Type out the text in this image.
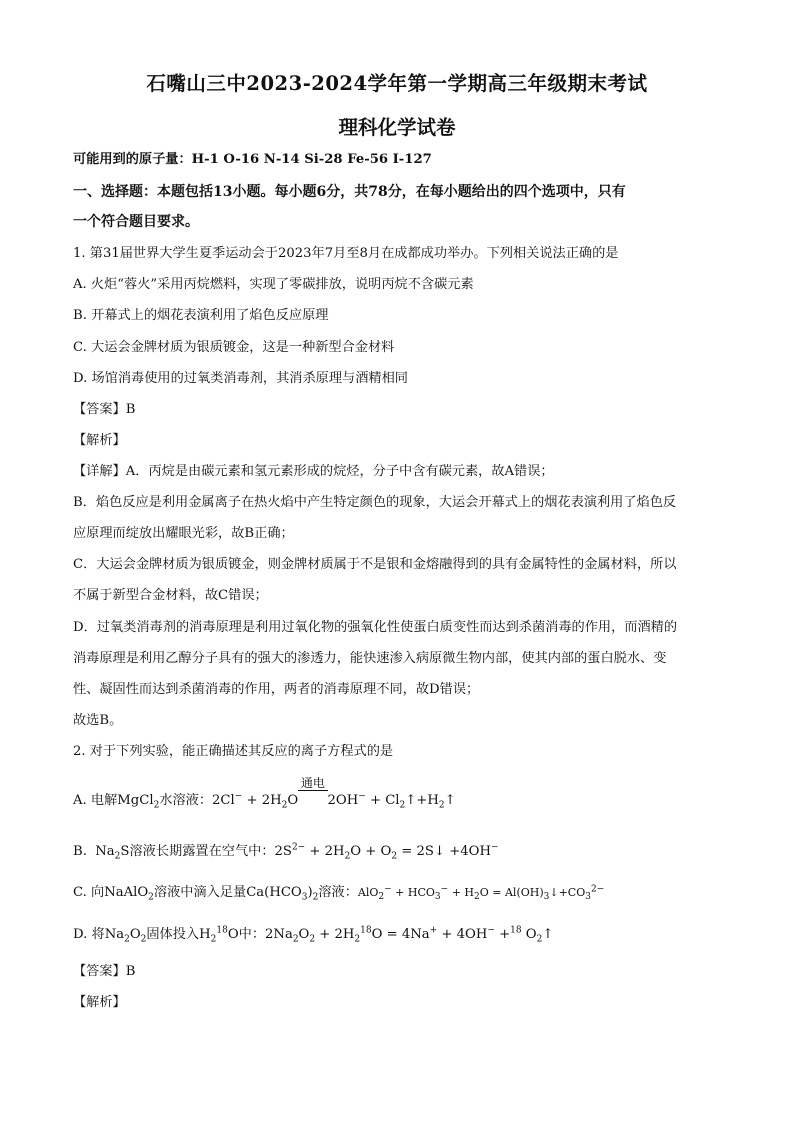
石嘴山三中2023-2024学年第一学期高三年级期末考试
理科化学试卷
可能用到的原子量：H-1 O-16 N-14 Si-28 Fe-56 I-127
一、选择题：本题包括13小题。每小题6分，共78分，在每小题给出的四个选项中，只有
一个符合题目要求。
1. 第31届世界大学生夏季运动会于2023年7月至8月在成都成功举办。下列相关说法正确的是
A. 火炬“蓉火”采用丙烷燃料，实现了零碳排放，说明丙烷不含碳元素
B. 开幕式上的烟花表演利用了焰色反应原理
C. 大运会金牌材质为银质镀金，这是一种新型合金材料
D. 场馆消毒使用的过氧类消毒剂，其消杀原理与酒精相同
【答案】B
【解析】
【详解】A．丙烷是由碳元素和氢元素形成的烷烃，分子中含有碳元素，故A错误；
B．焰色反应是利用金属离子在热火焰中产生特定颜色的现象，大运会开幕式上的烟花表演利用了焰色反
应原理而绽放出耀眼光彩，故B正确；
C．大运会金牌材质为银质镀金，则金牌材质属于不是银和金熔融得到的具有金属特性的金属材料，所以
不属于新型合金材料，故C错误；
D．过氧类消毒剂的消毒原理是利用过氧化物的强氧化性使蛋白质变性而达到杀菌消毒的作用，而酒精的
消毒原理是利用乙醇分子具有的强大的渗透力，能快速渗入病原微生物内部，使其内部的蛋白脱水、变
性、凝固性而达到杀菌消毒的作用，两者的消毒原理不同，故D错误；
故选B。
2. 对于下列实验，能正确描述其反应的离子方程式的是
A. 电解MgCl$_2$水溶液：$2Cl^- + 2H_2O$
通电

$2OH^- + Cl_2↑+H_2↑$
B.  $Na_2S$溶液长期露置在空气中：$2S^{2-} + 2H_2O + O_2$ = 2S↓ +4OH−
C. 向NaAlO$_2$溶液中滴入足量$Ca(HCO_3)_2$溶液：$AlO_2^- + HCO_3^- + H_2O$ = $Al(OH)_3↓+CO_3^{2-}$
D. 将$Na_2O_2$固体投入$H_2^{18}O$中：$2Na_2O_2 + 2H_2^{18}O = 4Na^+ + 4OH^- +^{18}$ $O_2↑$
【答案】B
【解析】
